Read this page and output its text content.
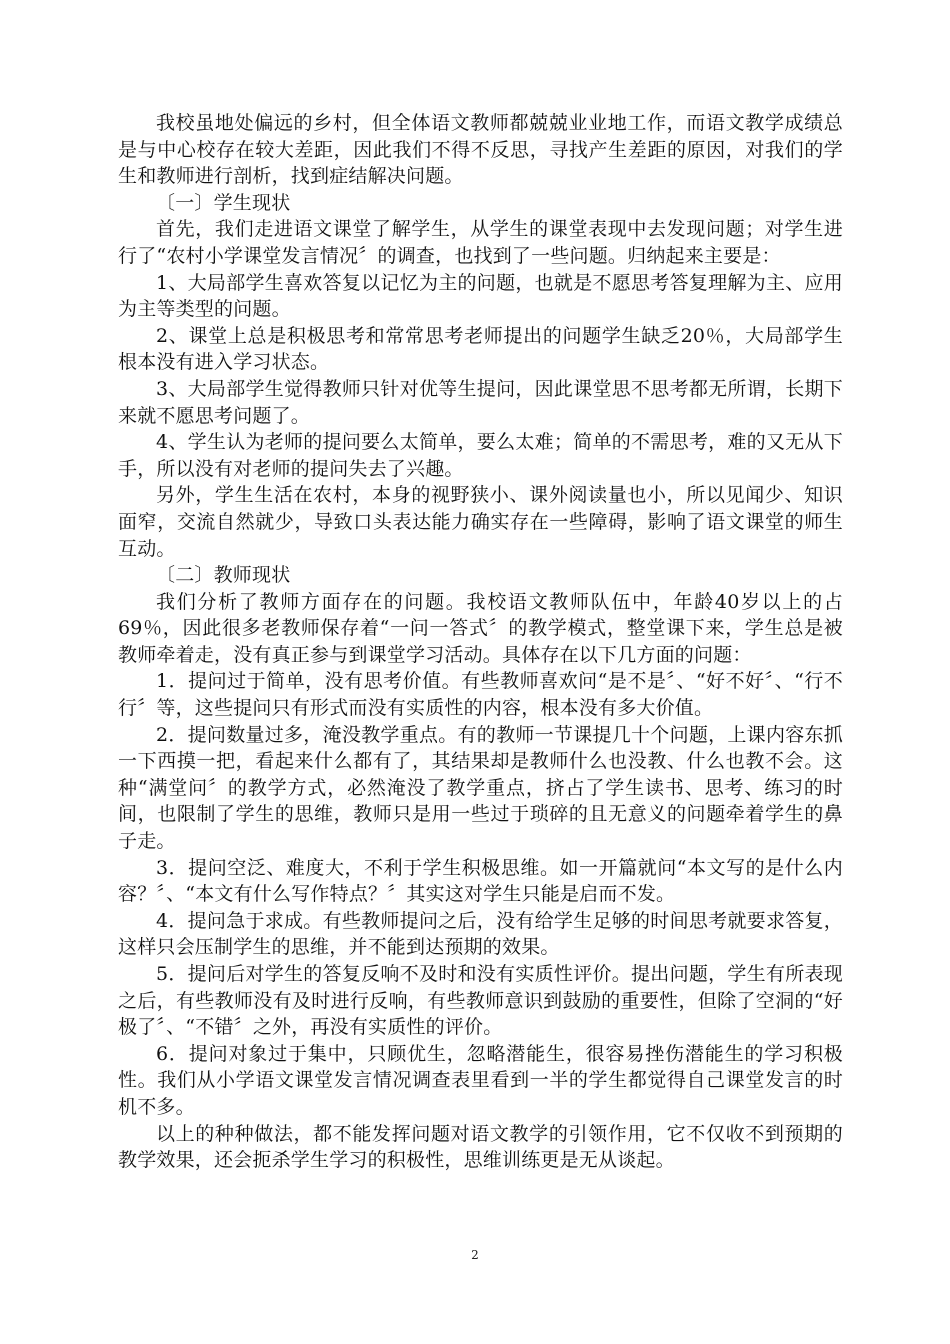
我校虽地处偏远的乡村，但全体语文教师都兢兢业业地工作，而语文教学成绩总是与中心校存在较大差距，因此我们不得不反思，寻找产生差距的原因，对我们的学生和教师进行剖析，找到症结解决问题。

〔一〕学生现状

首先，我们走进语文课堂了解学生，从学生的课堂表现中去发现问题；对学生进行了“农村小学课堂发言情况〞的调查，也找到了一些问题。归纳起来主要是：

1、大局部学生喜欢答复以记忆为主的问题，也就是不愿思考答复理解为主、应用为主等类型的问题。

2、课堂上总是积极思考和常常思考老师提出的问题学生缺乏20％，大局部学生根本没有进入学习状态。

3、大局部学生觉得教师只针对优等生提问，因此课堂思不思考都无所谓，长期下来就不愿思考问题了。

4、学生认为老师的提问要么太简单，要么太难；简单的不需思考，难的又无从下手，所以没有对老师的提问失去了兴趣。

另外，学生生活在农村，本身的视野狭小、课外阅读量也小，所以见闻少、知识面窄，交流自然就少，导致口头表达能力确实存在一些障碍，影响了语文课堂的师生互动。

〔二〕教师现状

我们分析了教师方面存在的问题。我校语文教师队伍中，年龄40岁以上的占69％，因此很多老教师保存着“一问一答式〞的教学模式，整堂课下来，学生总是被教师牵着走，没有真正参与到课堂学习活动。具体存在以下几方面的问题：

1．提问过于简单，没有思考价值。有些教师喜欢问“是不是〞、“好不好〞、“行不行〞等，这些提问只有形式而没有实质性的内容，根本没有多大价值。

2．提问数量过多，淹没教学重点。有的教师一节课提几十个问题，上课内容东抓一下西摸一把，看起来什么都有了，其结果却是教师什么也没教、什么也教不会。这种“满堂问〞的教学方式，必然淹没了教学重点，挤占了学生读书、思考、练习的时间，也限制了学生的思维，教师只是用一些过于琐碎的且无意义的问题牵着学生的鼻子走。

3．提问空泛、难度大，不利于学生积极思维。如一开篇就问“本文写的是什么内容？〞、“本文有什么写作特点？〞其实这对学生只能是启而不发。

4．提问急于求成。有些教师提问之后，没有给学生足够的时间思考就要求答复，这样只会压制学生的思维，并不能到达预期的效果。

5．提问后对学生的答复反响不及时和没有实质性评价。提出问题，学生有所表现之后，有些教师没有及时进行反响，有些教师意识到鼓励的重要性，但除了空洞的“好极了〞、“不错〞之外，再没有实质性的评价。

6．提问对象过于集中，只顾优生，忽略潜能生，很容易挫伤潜能生的学习积极性。我们从小学语文课堂发言情况调查表里看到一半的学生都觉得自己课堂发言的时机不多。

以上的种种做法，都不能发挥问题对语文教学的引领作用，它不仅收不到预期的教学效果，还会扼杀学生学习的积极性，思维训练更是无从谈起。

2
